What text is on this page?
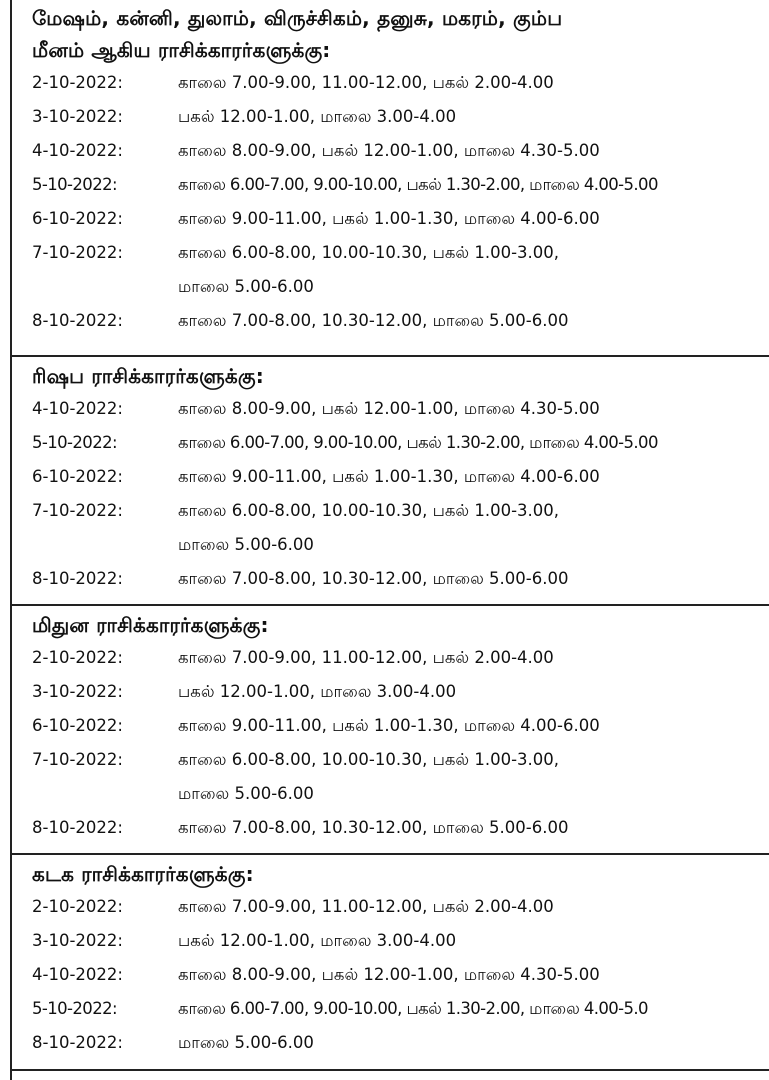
மேஷம், கன்னி, துலாம், விருச்சிகம், தனுசு, மகரம், கும்ப
மீனம் ஆகிய ராசிக்காரர்களுக்கு:
2-10-2022:	காலை 7.00-9.00, 11.00-12.00, பகல் 2.00-4.00
3-10-2022:	பகல் 12.00-1.00, மாலை 3.00-4.00
4-10-2022:	காலை 8.00-9.00, பகல் 12.00-1.00, மாலை 4.30-5.00
5-10-2022:	காலை 6.00-7.00, 9.00-10.00, பகல் 1.30-2.00, மாலை 4.00-5.00
6-10-2022:	காலை 9.00-11.00, பகல் 1.00-1.30, மாலை 4.00-6.00
7-10-2022:	காலை 6.00-8.00, 10.00-10.30, பகல் 1.00-3.00,
மாலை 5.00-6.00
8-10-2022:	காலை 7.00-8.00, 10.30-12.00, மாலை 5.00-6.00
ரிஷப ராசிக்காரர்களுக்கு:
4-10-2022:	காலை 8.00-9.00, பகல் 12.00-1.00, மாலை 4.30-5.00
5-10-2022:	காலை 6.00-7.00, 9.00-10.00, பகல் 1.30-2.00, மாலை 4.00-5.00
6-10-2022:	காலை 9.00-11.00, பகல் 1.00-1.30, மாலை 4.00-6.00
7-10-2022:	காலை 6.00-8.00, 10.00-10.30, பகல் 1.00-3.00,
மாலை 5.00-6.00
8-10-2022:	காலை 7.00-8.00, 10.30-12.00, மாலை 5.00-6.00
மிதுன ராசிக்காரர்களுக்கு:
2-10-2022:	காலை 7.00-9.00, 11.00-12.00, பகல் 2.00-4.00
3-10-2022:	பகல் 12.00-1.00, மாலை 3.00-4.00
6-10-2022:	காலை 9.00-11.00, பகல் 1.00-1.30, மாலை 4.00-6.00
7-10-2022:	காலை 6.00-8.00, 10.00-10.30, பகல் 1.00-3.00,
மாலை 5.00-6.00
8-10-2022:	காலை 7.00-8.00, 10.30-12.00, மாலை 5.00-6.00
கடக ராசிக்காரர்களுக்கு:
2-10-2022:	காலை 7.00-9.00, 11.00-12.00, பகல் 2.00-4.00
3-10-2022:	பகல் 12.00-1.00, மாலை 3.00-4.00
4-10-2022:	காலை 8.00-9.00, பகல் 12.00-1.00, மாலை 4.30-5.00
5-10-2022:	காலை 6.00-7.00, 9.00-10.00, பகல் 1.30-2.00, மாலை 4.00-5.0
8-10-2022:	மாலை 5.00-6.00
